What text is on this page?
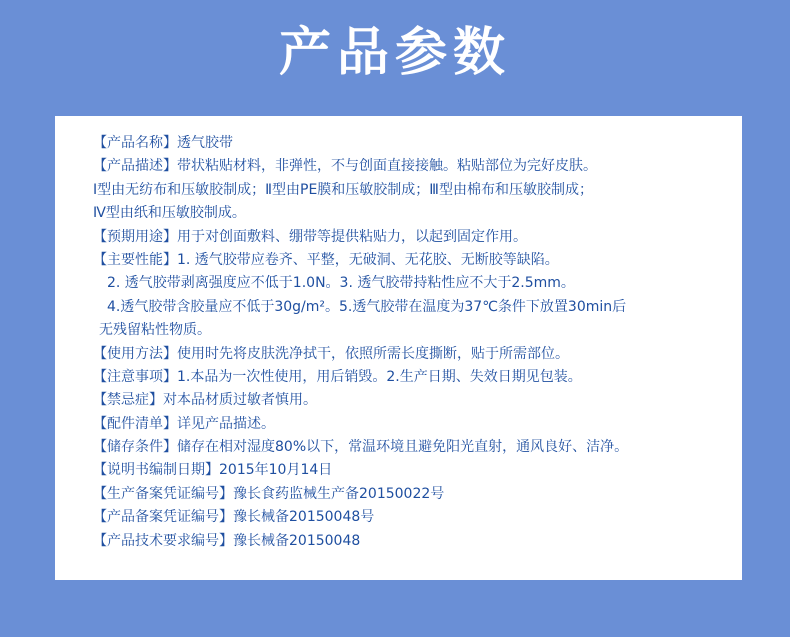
产品参数
【产品名称】透气胶带
【产品描述】带状粘贴材料，非弹性，不与创面直接接触。粘贴部位为完好皮肤。
Ⅰ型由无纺布和压敏胶制成；Ⅱ型由PE膜和压敏胶制成；Ⅲ型由棉布和压敏胶制成；
Ⅳ型由纸和压敏胶制成。
【预期用途】用于对创面敷料、绷带等提供粘贴力，以起到固定作用。
【主要性能】1. 透气胶带应卷齐、平整，无破洞、无花胶、无断胶等缺陷。
2. 透气胶带剥离强度应不低于1.0N。3. 透气胶带持粘性应不大于2.5mm。
4.透气胶带含胶量应不低于30g/m²。5.透气胶带在温度为37℃条件下放置30min后
无残留粘性物质。
【使用方法】使用时先将皮肤洗净拭干，依照所需长度撕断，贴于所需部位。
【注意事项】1.本品为一次性使用，用后销毁。2.生产日期、失效日期见包装。
【禁忌症】对本品材质过敏者慎用。
【配件清单】详见产品描述。
【储存条件】储存在相对湿度80%以下，常温环境且避免阳光直射，通风良好、洁净。
【说明书编制日期】2015年10月14日
【生产备案凭证编号】豫长食药监械生产备20150022号
【产品备案凭证编号】豫长械备20150048号
【产品技术要求编号】豫长械备20150048
